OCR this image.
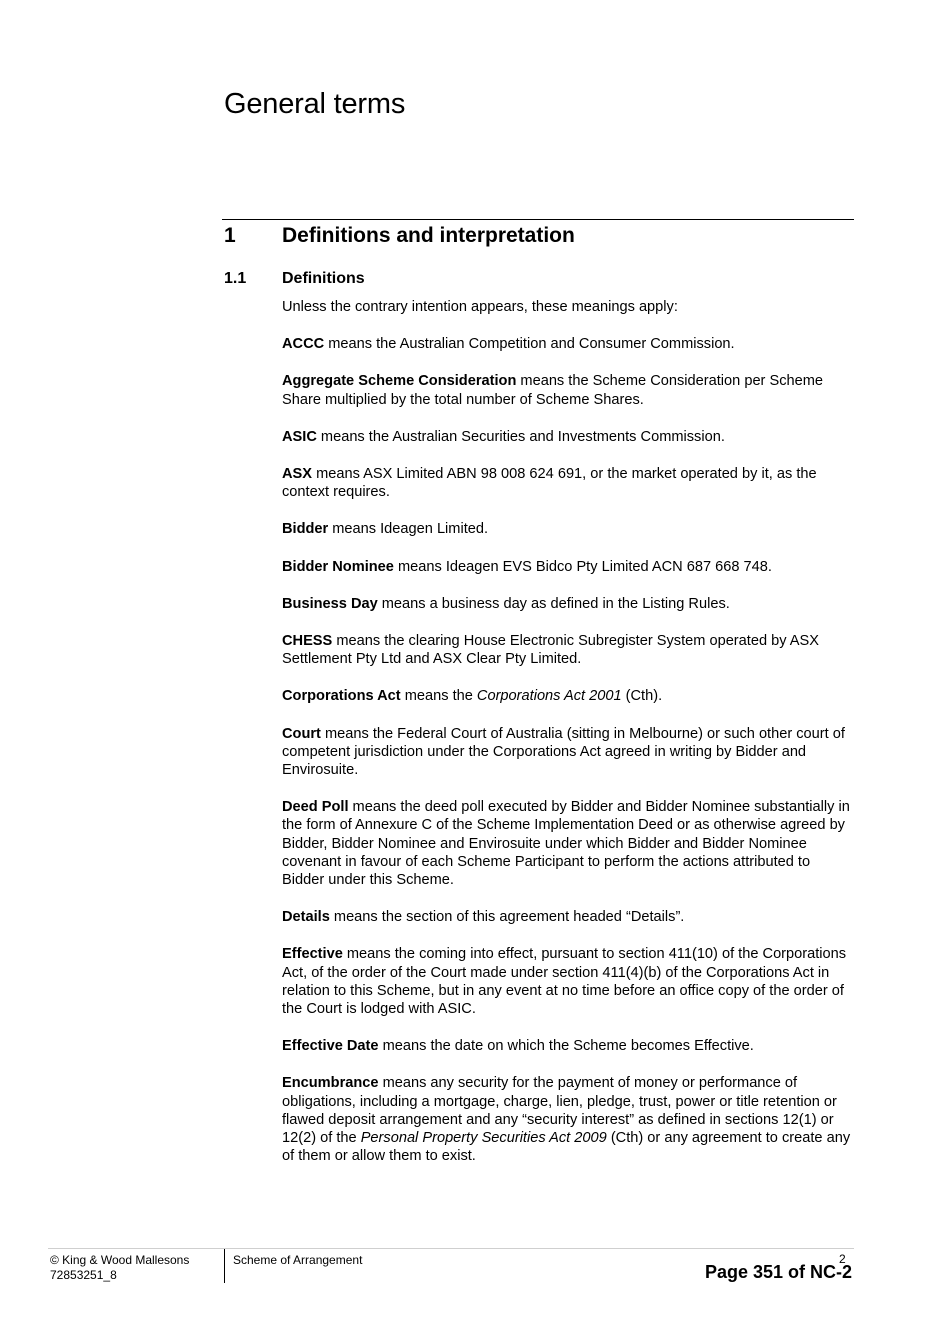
General terms
1 Definitions and interpretation
1.1 Definitions

Unless the contrary intention appears, these meanings apply:

ACCC means the Australian Competition and Consumer Commission.

Aggregate Scheme Consideration means the Scheme Consideration per Scheme Share multiplied by the total number of Scheme Shares.

ASIC means the Australian Securities and Investments Commission.

ASX means ASX Limited ABN 98 008 624 691, or the market operated by it, as the context requires.

Bidder means Ideagen Limited.

Bidder Nominee means Ideagen EVS Bidco Pty Limited ACN 687 668 748.

Business Day means a business day as defined in the Listing Rules.

CHESS means the clearing House Electronic Subregister System operated by ASX Settlement Pty Ltd and ASX Clear Pty Limited.

Corporations Act means the Corporations Act 2001 (Cth).

Court means the Federal Court of Australia (sitting in Melbourne) or such other court of competent jurisdiction under the Corporations Act agreed in writing by Bidder and Envirosuite.

Deed Poll means the deed poll executed by Bidder and Bidder Nominee substantially in the form of Annexure C of the Scheme Implementation Deed or as otherwise agreed by Bidder, Bidder Nominee and Envirosuite under which Bidder and Bidder Nominee covenant in favour of each Scheme Participant to perform the actions attributed to Bidder under this Scheme.

Details means the section of this agreement headed “Details”.

Effective means the coming into effect, pursuant to section 411(10) of the Corporations Act, of the order of the Court made under section 411(4)(b) of the Corporations Act in relation to this Scheme, but in any event at no time before an office copy of the order of the Court is lodged with ASIC.

Effective Date means the date on which the Scheme becomes Effective.

Encumbrance means any security for the payment of money or performance of obligations, including a mortgage, charge, lien, pledge, trust, power or title retention or flawed deposit arrangement and any “security interest” as defined in sections 12(1) or 12(2) of the Personal Property Securities Act 2009 (Cth) or any agreement to create any of them or allow them to exist.

© King & Wood Mallesons
72853251_8
Scheme of Arrangement	2
Page 351 of NC-2
